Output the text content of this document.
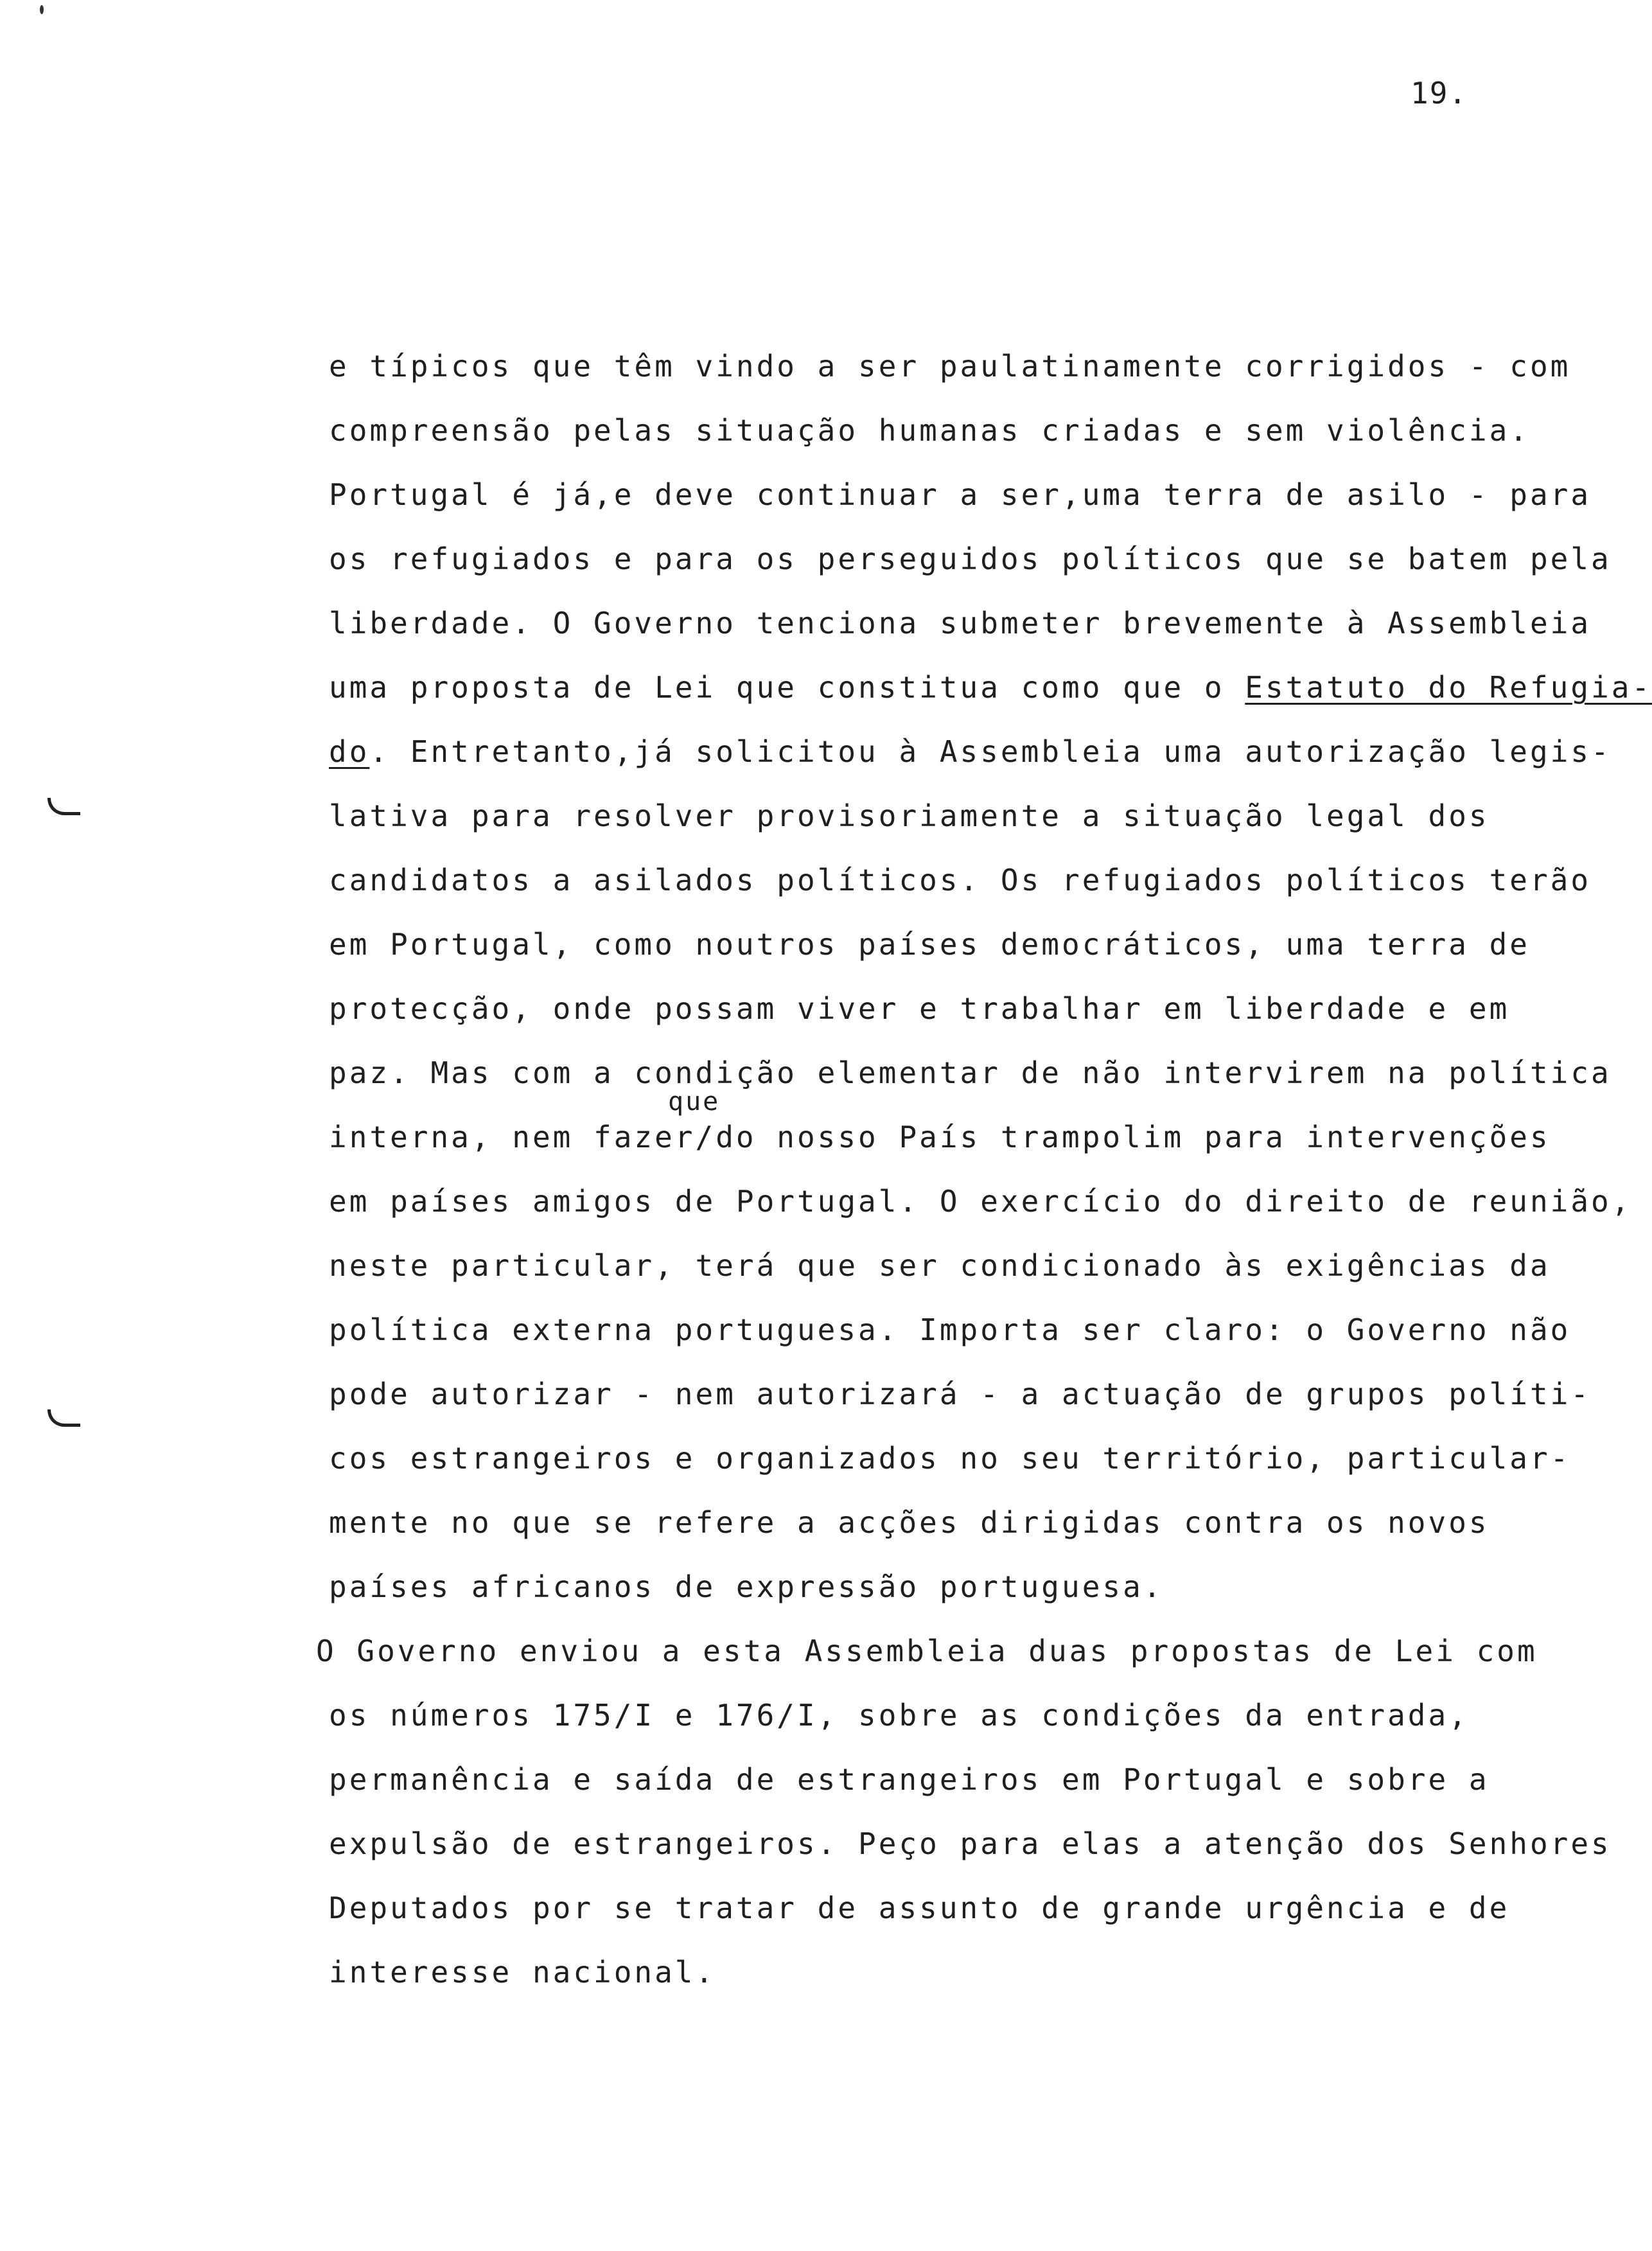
19.
que
e típicos que têm vindo a ser paulatinamente corrigidos - com
compreensão pelas situação humanas criadas e sem violência.
Portugal é já,e deve continuar a ser,uma terra de asilo - para
os refugiados e para os perseguidos políticos que se batem pela
liberdade. O Governo tenciona submeter brevemente à Assembleia
uma proposta de Lei que constitua como que o Estatuto do Refugia-
do. Entretanto,já solicitou à Assembleia uma autorização legis-
lativa para resolver provisoriamente a situação legal dos
candidatos a asilados políticos. Os refugiados políticos terão
em Portugal, como noutros países democráticos, uma terra de
protecção, onde possam viver e trabalhar em liberdade e em
paz. Mas com a condição elementar de não intervirem na política
interna, nem fazer/do nosso País trampolim para intervenções
em países amigos de Portugal. O exercício do direito de reunião,
neste particular, terá que ser condicionado às exigências da
política externa portuguesa. Importa ser claro: o Governo não
pode autorizar - nem autorizará - a actuação de grupos políti-
cos estrangeiros e organizados no seu território, particular-
mente no que se refere a acções dirigidas contra os novos
países africanos de expressão portuguesa.
O Governo enviou a esta Assembleia duas propostas de Lei com
os números 175/I e 176/I, sobre as condições da entrada,
permanência e saída de estrangeiros em Portugal e sobre a
expulsão de estrangeiros. Peço para elas a atenção dos Senhores
Deputados por se tratar de assunto de grande urgência e de
interesse nacional.
